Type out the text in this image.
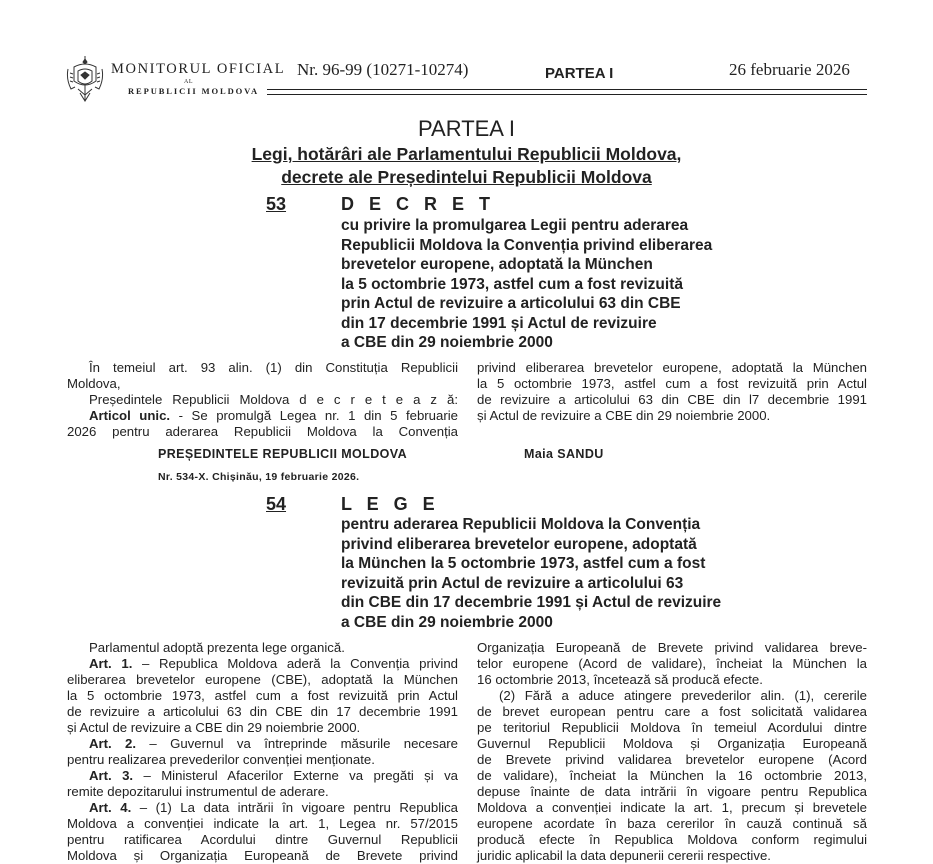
MONITORUL OFICIAL
AL
REPUBLICII MOLDOVA
Nr. 96-99 (10271-10274)	PARTEA I	26 februarie 2026
PARTEA I
Legi, hotărâri ale Parlamentului Republicii Moldova,
decrete ale Președintelui Republicii Moldova
53	D E C R E T
cu privire la promulgarea Legii pentru aderarea
Republicii Moldova la Convenția privind eliberarea
brevetelor europene, adoptată la München
la 5 octombrie 1973, astfel cum a fost revizuită
prin Actul de revizuire a articolului 63 din CBE
din 17 decembrie 1991 și Actul de revizuire
a CBE din 29 noiembrie 2000

În temeiul art. 93 alin. (1) din Constituția Republicii

Moldova,

Președintele Republicii Moldova d e c r e t e a z ă:

Articol unic. - Se promulgă Legea nr. 1 din 5 februarie

2026 pentru aderarea Republicii Moldova la Convenția

privind eliberarea brevetelor europene, adoptată la München

la 5 octombrie 1973, astfel cum a fost revizuită prin Actul

de revizuire a articolului 63 din CBE din l7 decembrie 1991

și Actul de revizuire a CBE din 29 noiembrie 2000.

PREȘEDINTELE REPUBLICII MOLDOVA	Maia SANDU
Nr. 534-X. Chișinău, 19 februarie 2026.
54	L E G E
pentru aderarea Republicii Moldova la Convenția
privind eliberarea brevetelor europene, adoptată
la München la 5 octombrie 1973, astfel cum a fost
revizuită prin Actul de revizuire a articolului 63
din CBE din 17 decembrie 1991 și Actul de revizuire
a CBE din 29 noiembrie 2000

Parlamentul adoptă prezenta lege organică.

Art. 1. – Republica Moldova aderă la Convenția privind

eliberarea brevetelor europene (CBE), adoptată la München

la 5 octombrie 1973, astfel cum a fost revizuită prin Actul

de revizuire a articolului 63 din CBE din 17 decembrie 1991

și Actul de revizuire a CBE din 29 noiembrie 2000.

Art. 2. – Guvernul va întreprinde măsurile necesare

pentru realizarea prevederilor convenției menționate.

Art. 3. – Ministerul Afacerilor Externe va pregăti și va

remite depozitarului instrumentul de aderare.

Art. 4. – (1) La data intrării în vigoare pentru Republica

Moldova a convenției indicate la art. 1, Legea nr. 57/2015

pentru ratificarea Acordului dintre Guvernul Republicii

Moldova și Organizația Europeană de Brevete privind

Organizația Europeană de Brevete privind validarea breve-

telor europene (Acord de validare), încheiat la München la

16 octombrie 2013, încetează să producă efecte.

(2) Fără a aduce atingere prevederilor alin. (1), cererile

de brevet european pentru care a fost solicitată validarea

pe teritoriul Republicii Moldova în temeiul Acordului dintre

Guvernul Republicii Moldova și Organizația Europeană

de Brevete privind validarea brevetelor europene (Acord

de validare), încheiat la München la 16 octombrie 2013,

depuse înainte de data intrării în vigoare pentru Republica

Moldova a convenției indicate la art. 1, precum și brevetele

europene acordate în baza cererilor în cauză continuă să

producă efecte în Republica Moldova conform regimului

juridic aplicabil la data depunerii cererii respective.
